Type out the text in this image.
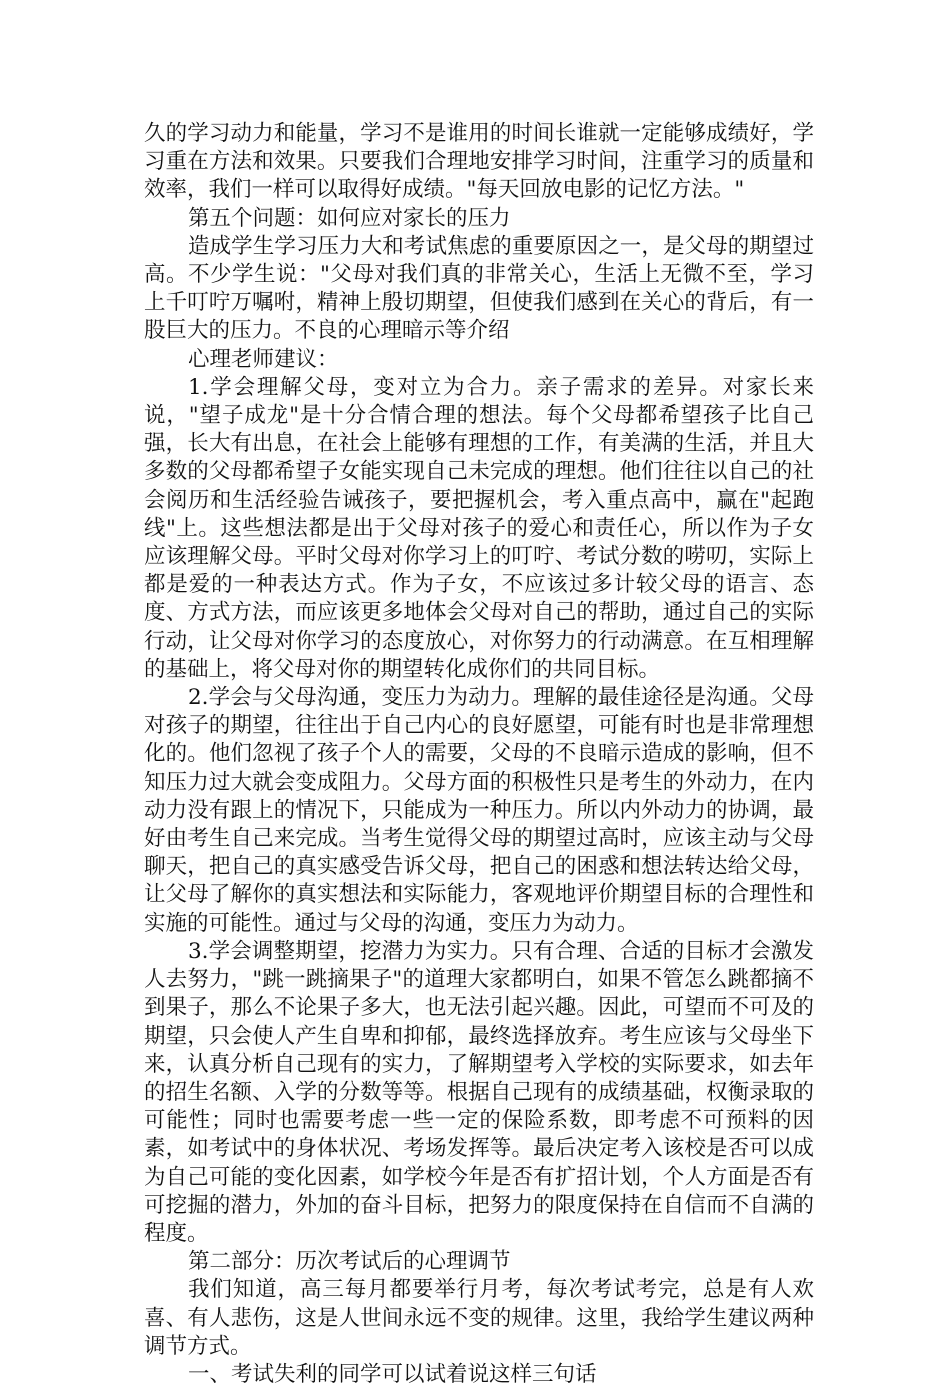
久的学习动力和能量，学习不是谁用的时间长谁就一定能够成绩好，学习重在方法和效果。只要我们合理地安排学习时间，注重学习的质量和效率，我们一样可以取得好成绩。"每天回放电影的记忆方法。"

第五个问题：如何应对家长的压力

造成学生学习压力大和考试焦虑的重要原因之一，是父母的期望过高。不少学生说："父母对我们真的非常关心，生活上无微不至，学习上千叮咛万嘱咐，精神上殷切期望，但使我们感到在关心的背后，有一股巨大的压力。不良的心理暗示等介绍

心理老师建议：

1.学会理解父母，变对立为合力。亲子需求的差异。对家长来说，"望子成龙"是十分合情合理的想法。每个父母都希望孩子比自己强，长大有出息，在社会上能够有理想的工作，有美满的生活，并且大多数的父母都希望子女能实现自己未完成的理想。他们往往以自己的社会阅历和生活经验告诫孩子，要把握机会，考入重点高中，赢在"起跑线"上。这些想法都是出于父母对孩子的爱心和责任心，所以作为子女应该理解父母。平时父母对你学习上的叮咛、考试分数的唠叨，实际上都是爱的一种表达方式。作为子女，不应该过多计较父母的语言、态度、方式方法，而应该更多地体会父母对自己的帮助，通过自己的实际行动，让父母对你学习的态度放心，对你努力的行动满意。在互相理解的基础上，将父母对你的期望转化成你们的共同目标。

2.学会与父母沟通，变压力为动力。理解的最佳途径是沟通。父母对孩子的期望，往往出于自己内心的良好愿望，可能有时也是非常理想化的。他们忽视了孩子个人的需要，父母的不良暗示造成的影响，但不知压力过大就会变成阻力。父母方面的积极性只是考生的外动力，在内动力没有跟上的情况下，只能成为一种压力。所以内外动力的协调，最好由考生自己来完成。当考生觉得父母的期望过高时，应该主动与父母聊天，把自己的真实感受告诉父母，把自己的困惑和想法转达给父母，让父母了解你的真实想法和实际能力，客观地评价期望目标的合理性和实施的可能性。通过与父母的沟通，变压力为动力。

3.学会调整期望，挖潜力为实力。只有合理、合适的目标才会激发人去努力，"跳一跳摘果子"的道理大家都明白，如果不管怎么跳都摘不到果子，那么不论果子多大，也无法引起兴趣。因此，可望而不可及的期望，只会使人产生自卑和抑郁，最终选择放弃。考生应该与父母坐下来，认真分析自己现有的实力，了解期望考入学校的实际要求，如去年的招生名额、入学的分数等等。根据自己现有的成绩基础，权衡录取的可能性；同时也需要考虑一些一定的保险系数，即考虑不可预料的因素，如考试中的身体状况、考场发挥等。最后决定考入该校是否可以成为自己可能的变化因素，如学校今年是否有扩招计划，个人方面是否有可挖掘的潜力，外加的奋斗目标，把努力的限度保持在自信而不自满的程度。

第二部分：历次考试后的心理调节

我们知道，高三每月都要举行月考，每次考试考完，总是有人欢喜、有人悲伤，这是人世间永远不变的规律。这里，我给学生建议两种调节方式。

一、考试失利的同学可以试着说这样三句话
